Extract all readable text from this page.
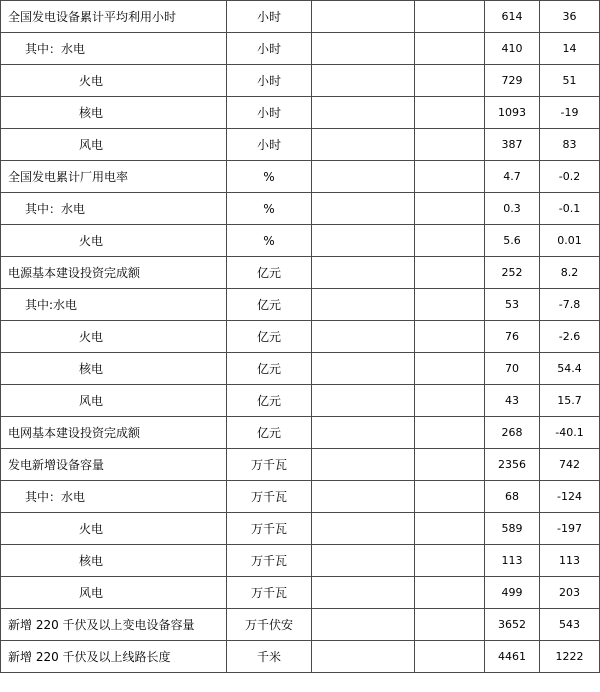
全国发电设备累计平均利用小时	小时			614	36
其中：水电	小时			410	14
火电	小时			729	51
核电	小时			1093	-19
风电	小时			387	83
全国发电累计厂用电率	%			4.7	-0.2
其中：水电	%			0.3	-0.1
火电	%			5.6	0.01
电源基本建设投资完成额	亿元			252	8.2
其中:水电	亿元			53	-7.8
火电	亿元			76	-2.6
核电	亿元			70	54.4
风电	亿元			43	15.7
电网基本建设投资完成额	亿元			268	-40.1
发电新增设备容量	万千瓦			2356	742
其中：水电	万千瓦			68	-124
火电	万千瓦			589	-197
核电	万千瓦			113	113
风电	万千瓦			499	203
新增 220 千伏及以上变电设备容量	万千伏安			3652	543
新增 220 千伏及以上线路长度	千米			4461	1222
